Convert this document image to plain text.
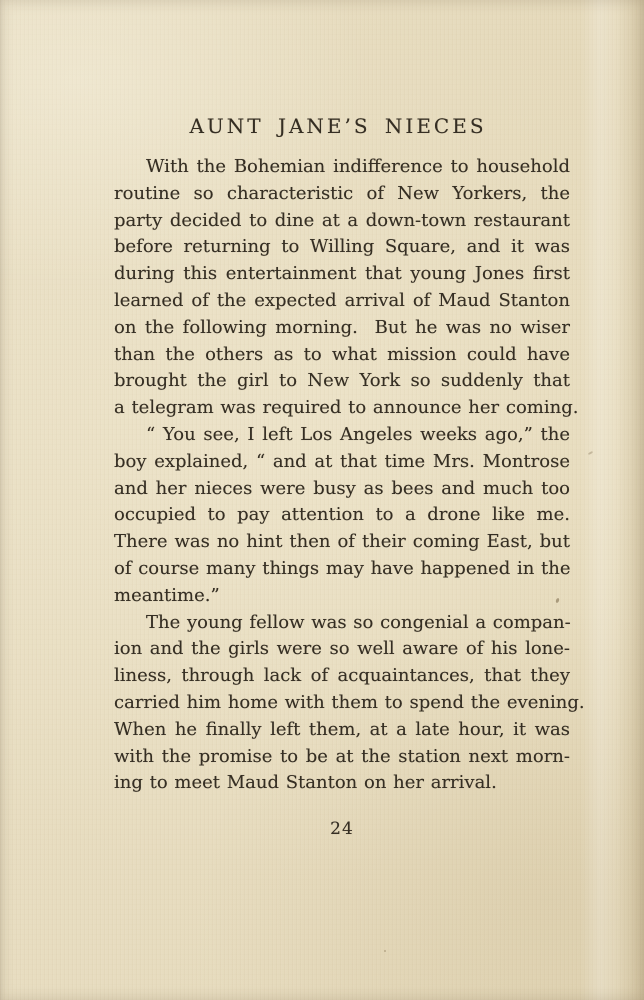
AUNT JANE’S NIECES
With the Bohemian indifference to household
routine so characteristic of New Yorkers, the
party decided to dine at a down-town restaurant
before returning to Willing Square, and it was
during this entertainment that young Jones first
learned of the expected arrival of Maud Stanton
on the following morning.  But he was no wiser
than the others as to what mission could have
brought the girl to New York so suddenly that
a telegram was required to announce her coming.
“ You see, I left Los Angeles weeks ago,” the
boy explained, “ and at that time Mrs. Montrose
and her nieces were busy as bees and much too
occupied to pay attention to a drone like me.
There was no hint then of their coming East, but
of course many things may have happened in the
meantime.”
The young fellow was so congenial a compan-
ion and the girls were so well aware of his lone-
liness, through lack of acquaintances, that they
carried him home with them to spend the evening.
When he finally left them, at a late hour, it was
with the promise to be at the station next morn-
ing to meet Maud Stanton on her arrival.
24
